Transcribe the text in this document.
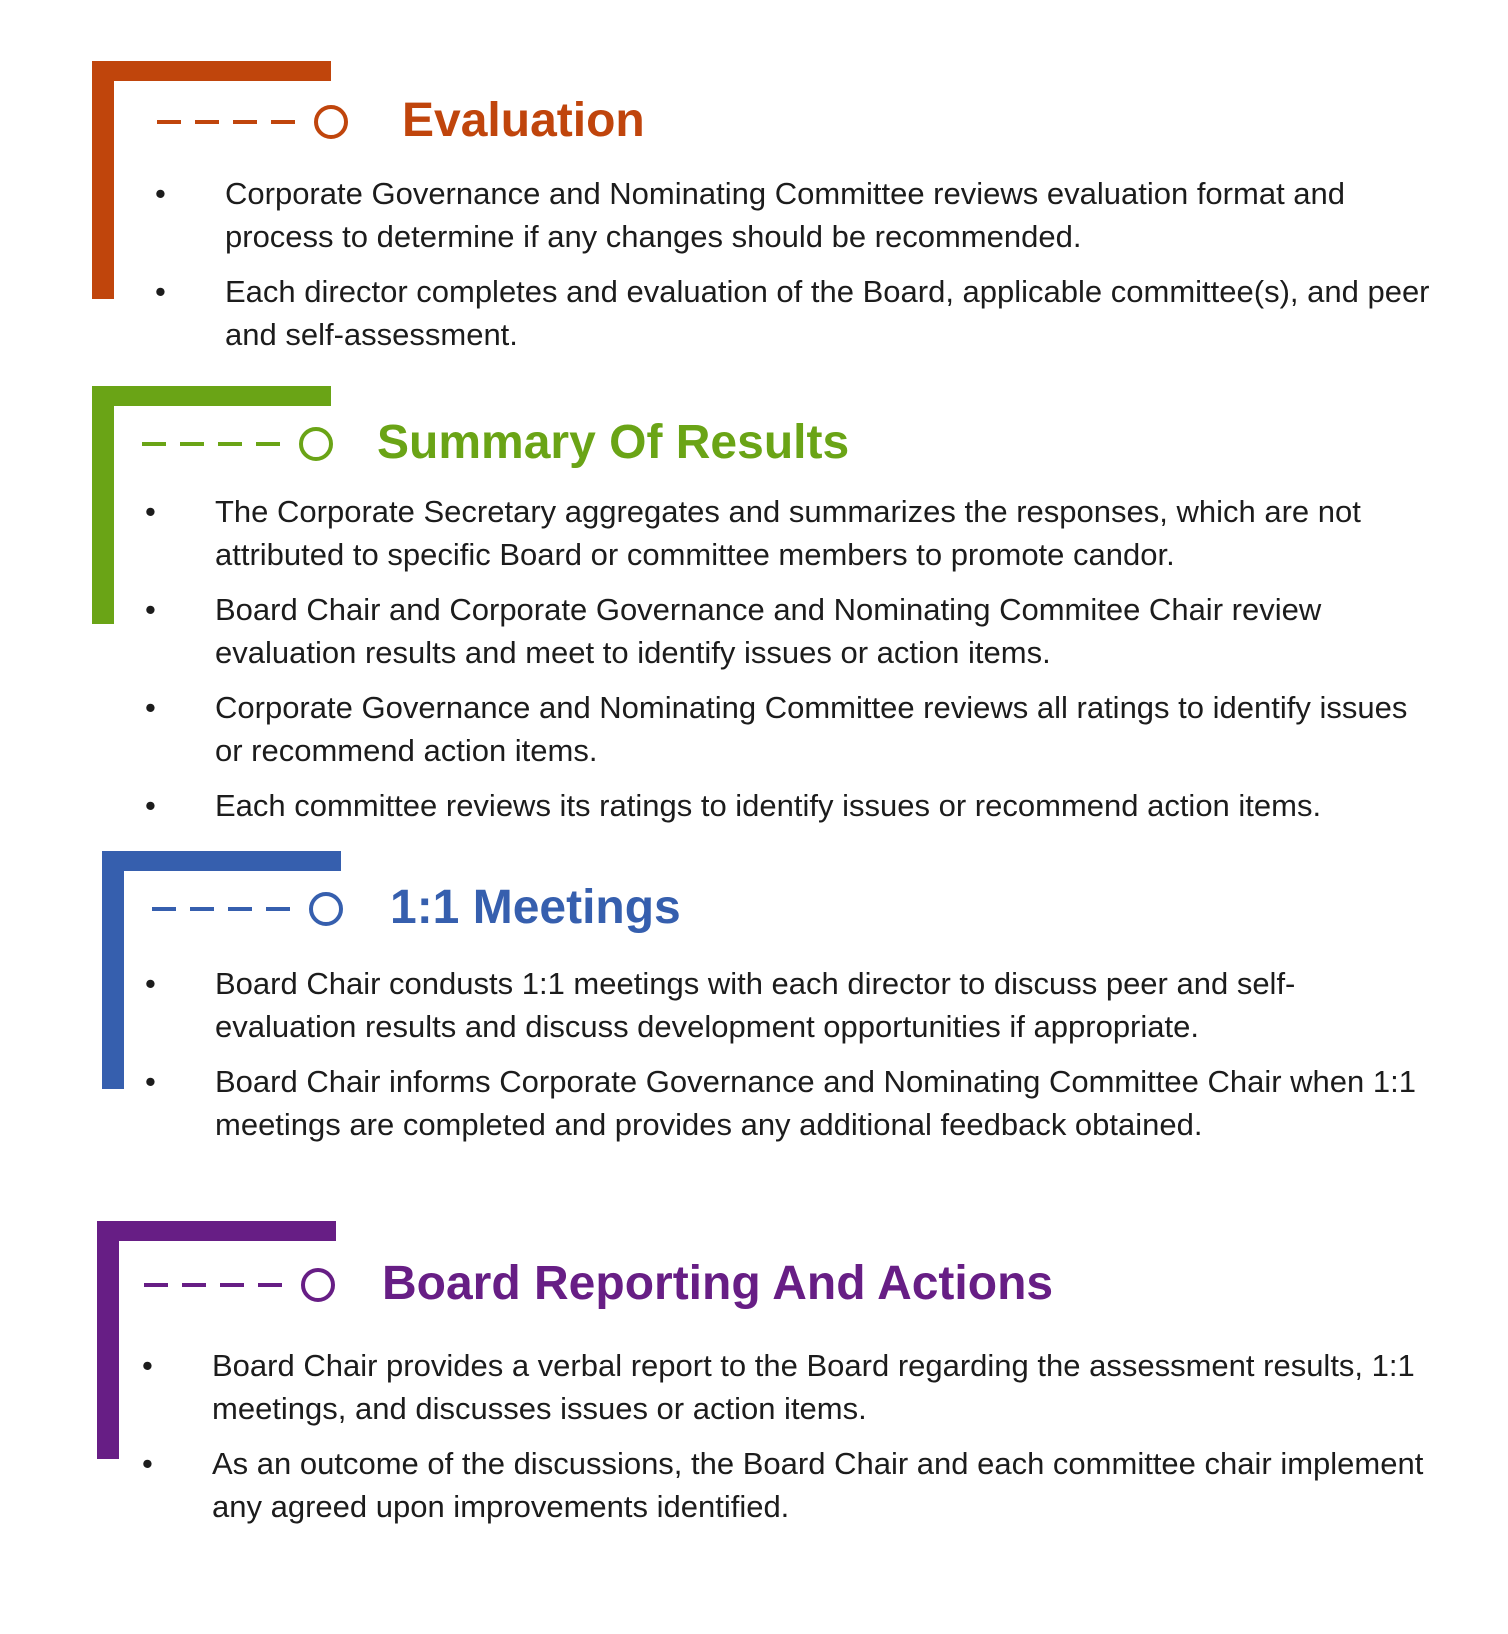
Evaluation
• Corporate Governance and Nominating Committee reviews evaluation format and process to determine if any changes should be recommended.
• Each director completes and evaluation of the Board, applicable committee(s), and peer and self-assessment.
Summary Of Results
• The Corporate Secretary aggregates and summarizes the responses, which are not attributed to specific Board or committee members to promote candor.
• Board Chair and Corporate Governance and Nominating Commitee Chair review evaluation results and meet to identify issues or action items.
• Corporate Governance and Nominating Committee reviews all ratings to identify issues or recommend action items.
• Each committee reviews its ratings to identify issues or recommend action items.
1:1 Meetings
• Board Chair condusts 1:1 meetings with each director to discuss peer and self-evaluation results and discuss development opportunities if appropriate.
• Board Chair informs Corporate Governance and Nominating Committee Chair when 1:1 meetings are completed and provides any additional feedback obtained.
Board Reporting And Actions
• Board Chair provides a verbal report to the Board regarding the assessment results, 1:1 meetings, and discusses issues or action items.
• As an outcome of the discussions, the Board Chair and each committee chair implement any agreed upon improvements identified.
